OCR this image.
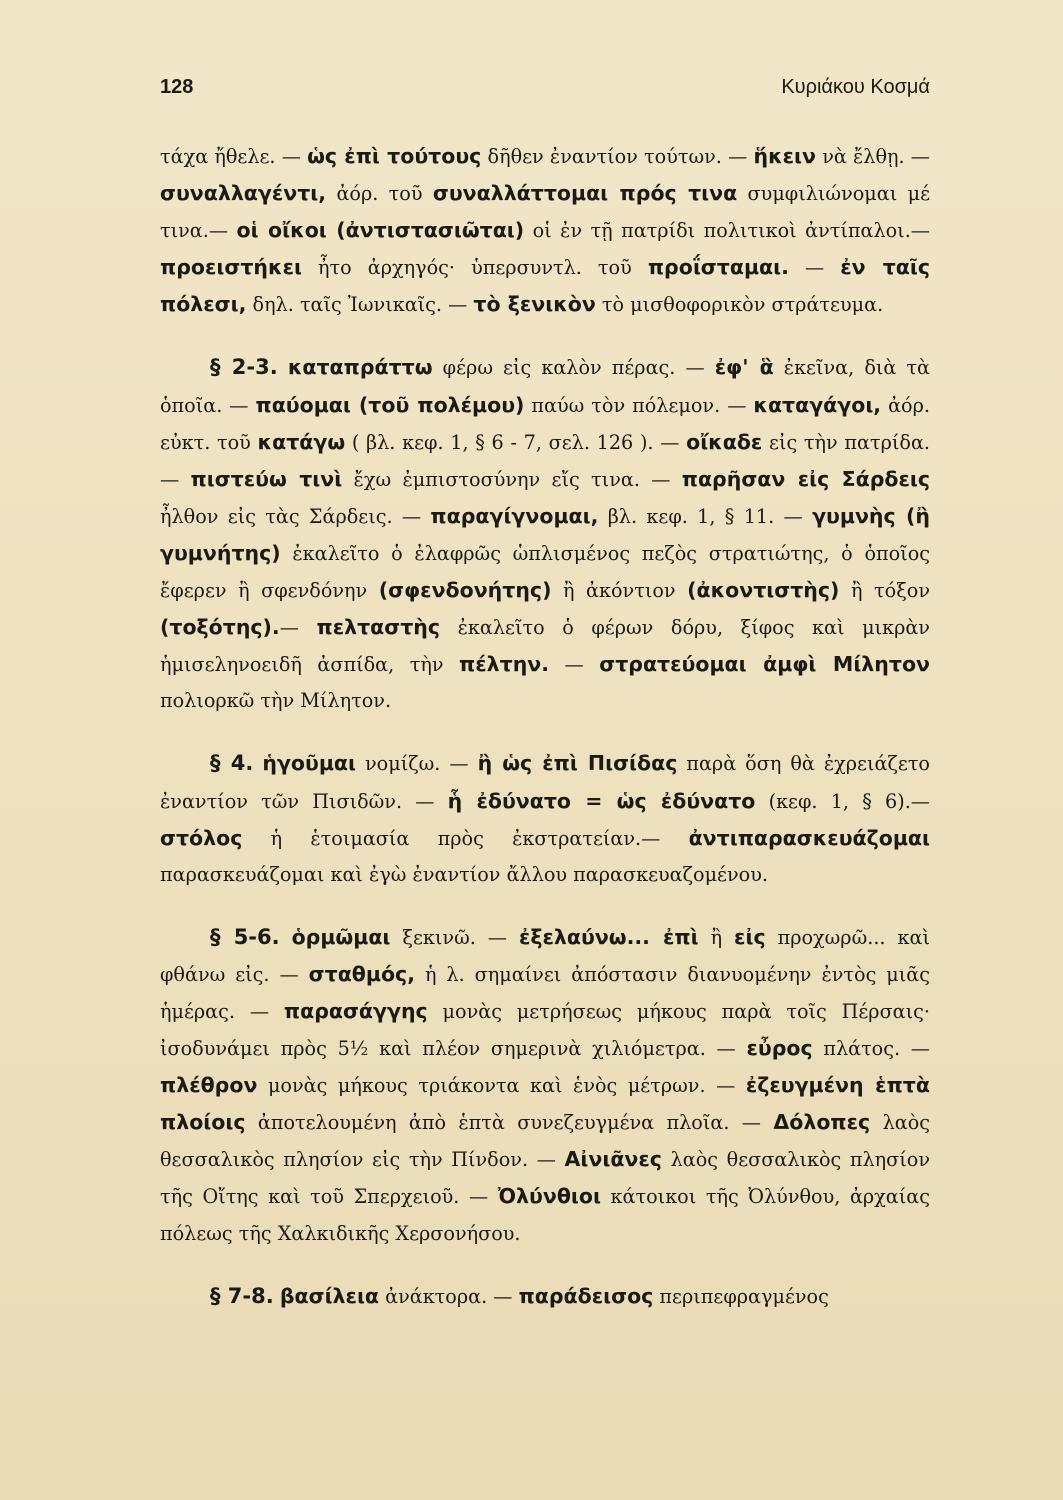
128	Κυριάκου Κοσμά

τάχα ἤθελε. — ὡς ἐπὶ τούτους δῆθεν ἐναντίον τούτων. — ἥκειν νὰ ἔλθῃ. — συναλλαγέντι, ἀόρ. τοῦ συναλλάττομαι πρός τινα συμφιλιώνομαι μέ τινα.— οἱ οἴκοι (ἀντιστασιῶται) οἱ ἐν τῇ πατρίδι πολιτικοὶ ἀντίπαλοι.— προειστήκει ἦτο ἀρχηγός· ὑπερσυντλ. τοῦ προΐσταμαι. — ἐν ταῖς πόλεσι, δηλ. ταῖς Ἰωνικαῖς. — τὸ ξενικὸν τὸ μισθοφορικὸν στράτευμα.

§ 2-3. καταπράττω φέρω εἰς καλὸν πέρας. — ἐφ' ἃ ἐκεῖνα, διὰ τὰ ὁποῖα. — παύομαι (τοῦ πολέμου) παύω τὸν πόλεμον. — καταγάγοι, ἀόρ. εὐκτ. τοῦ κατάγω ( βλ. κεφ. 1, § 6 - 7, σελ. 126 ). — οἴκαδε εἰς τὴν πατρίδα. — πιστεύω τινὶ ἔχω ἐμπιστοσύνην εἴς τινα. — παρῆσαν εἰς Σάρδεις ἦλθον εἰς τὰς Σάρδεις. — παραγίγνομαι, βλ. κεφ. 1, § 11. — γυμνὴς (ἢ γυμνήτης) ἐκαλεῖτο ὁ ἐλαφρῶς ὡπλισμένος πεζὸς στρατιώτης, ὁ ὁποῖος ἔφερεν ἢ σφενδόνην (σφενδονήτης) ἢ ἀκόντιον (ἀκοντιστὴς) ἢ τόξον (τοξότης).— πελταστὴς ἐκαλεῖτο ὁ φέρων δόρυ, ξίφος καὶ μικρὰν ἡμισεληνοειδῆ ἀσπίδα, τὴν πέλτην. — στρατεύομαι ἀμφὶ Μίλητον πολιορκῶ τὴν Μίλητον.

§ 4. ἡγοῦμαι νομίζω. — ἢ ὡς ἐπὶ Πισίδας παρὰ ὅση θὰ ἐχρειάζετο ἐναντίον τῶν Πισιδῶν. — ἧ ἐδύνατο = ὡς ἐδύνατο (κεφ. 1, § 6).— στόλος ἡ ἑτοιμασία πρὸς ἐκστρατείαν.— ἀντιπαρασκευάζομαι παρασκευάζομαι καὶ ἐγὼ ἐναντίον ἄλλου παρασκευαζομένου.

§ 5-6. ὁρμῶμαι ξεκινῶ. — ἐξελαύνω... ἐπὶ ἢ εἰς προχωρῶ... καὶ φθάνω εἰς. — σταθμός, ἡ λ. σημαίνει ἀπόστασιν διανυομένην ἐντὸς μιᾶς ἡμέρας. — παρασάγγης μονὰς μετρήσεως μήκους παρὰ τοῖς Πέρσαις· ἰσοδυνάμει πρὸς 5½ καὶ πλέον σημερινὰ χιλιόμετρα. — εὖρος πλάτος. — πλέθρον μονὰς μήκους τριάκοντα καὶ ἑνὸς μέτρων. — ἐζευγμένη ἑπτὰ πλοίοις ἀποτελουμένη ἀπὸ ἑπτὰ συνεζευγμένα πλοῖα. — Δόλοπες λαὸς θεσσαλικὸς πλησίον εἰς τὴν Πίνδον. — Αἰνιᾶνες λαὸς θεσσαλικὸς πλησίον τῆς Οἴτης καὶ τοῦ Σπερχειοῦ. — Ὀλύνθιοι κάτοικοι τῆς Ὀλύνθου, ἀρχαίας πόλεως τῆς Χαλκιδικῆς Χερσονήσου.

§ 7-8. βασίλεια ἀνάκτορα. — παράδεισος περιπεφραγμένος
